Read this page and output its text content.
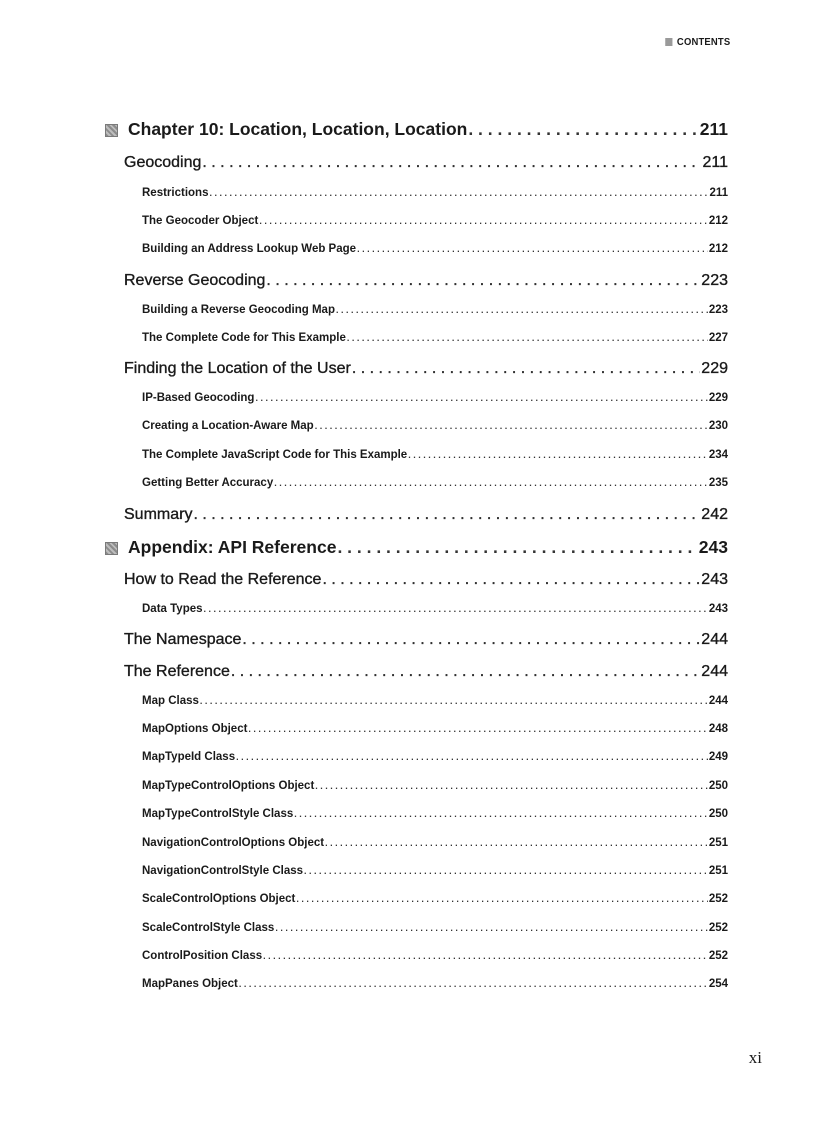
CONTENTS
Chapter 10: Location, Location, Location . . .	211
Geocoding . . .	211
Restrictions . . .	211
The Geocoder Object . . .	212
Building an Address Lookup Web Page . . .	212
Reverse Geocoding . . .	223
Building a Reverse Geocoding Map . . .	223
The Complete Code for This Example . . .	227
Finding the Location of the User . . .	229
IP-Based Geocoding . . .	229
Creating a Location-Aware Map . . .	230
The Complete JavaScript Code for This Example . . .	234
Getting Better Accuracy . . .	235
Summary . . .	242
Appendix: API Reference . . .	243
How to Read the Reference . . .	243
Data Types . . .	243
The Namespace . . .	244
The Reference . . .	244
Map Class . . .	244
MapOptions Object . . .	248
MapTypeId Class . . .	249
MapTypeControlOptions Object . . .	250
MapTypeControlStyle Class . . .	250
NavigationControlOptions Object . . .	251
NavigationControlStyle Class . . .	251
ScaleControlOptions Object . . .	252
ScaleControlStyle Class . . .	252
ControlPosition Class . . .	252
MapPanes Object . . .	254
xi
